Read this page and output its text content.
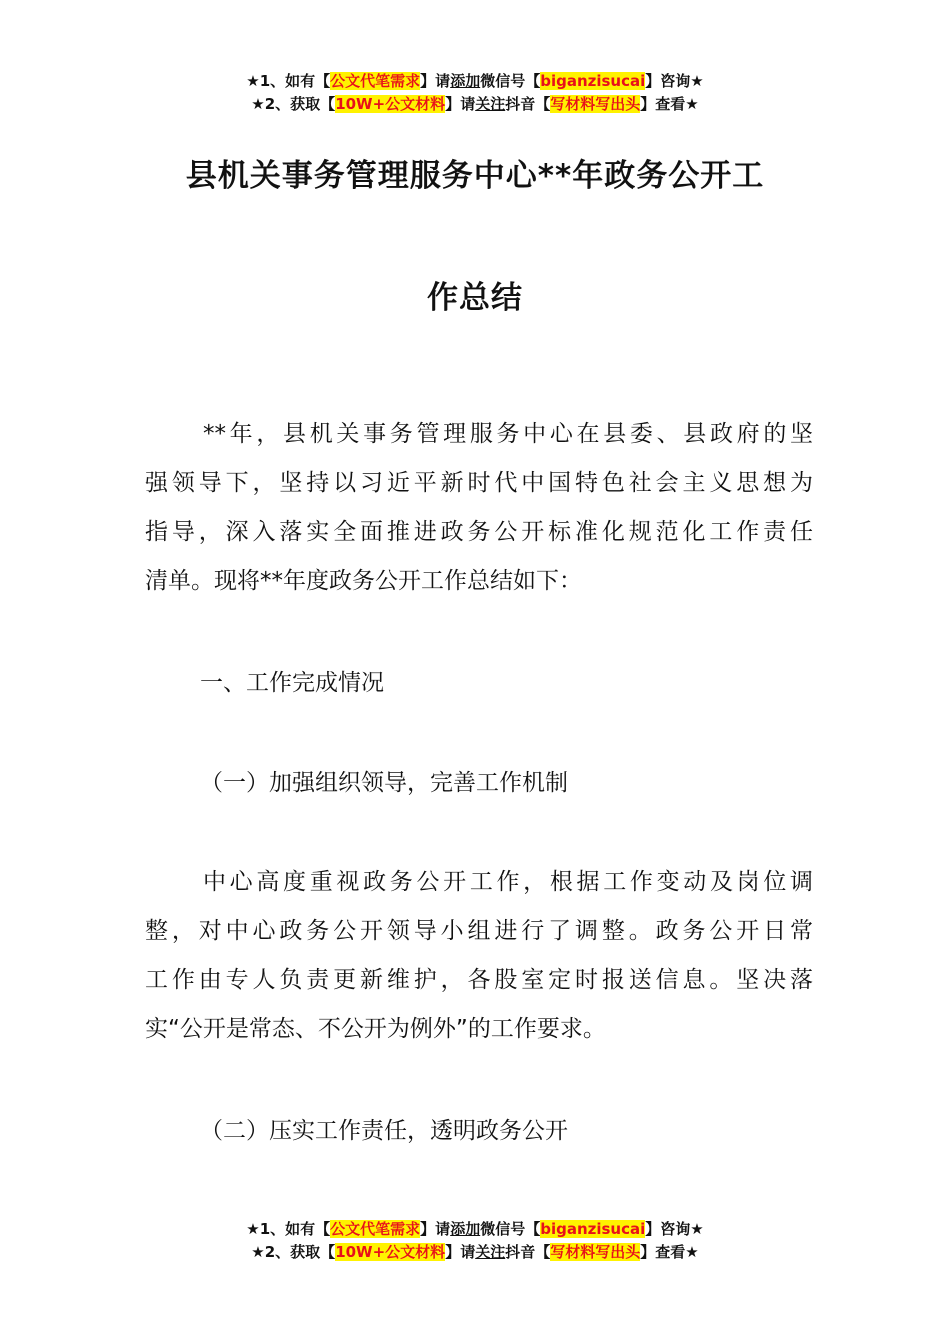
★1、如有【公文代笔需求】请添加微信号【biganzisucai】咨询★
★2、获取【10W+公文材料】请关注抖音【写材料写出头】查看★
县机关事务管理服务中心**年政务公开工
作总结
**年，县机关事务管理服务中心在县委、县政府的坚
强领导下，坚持以习近平新时代中国特色社会主义思想为
指导，深入落实全面推进政务公开标准化规范化工作责任
清单。现将**年度政务公开工作总结如下：
一、工作完成情况
（一）加强组织领导，完善工作机制
中心高度重视政务公开工作，根据工作变动及岗位调
整，对中心政务公开领导小组进行了调整。政务公开日常
工作由专人负责更新维护，各股室定时报送信息。坚决落
实“公开是常态、不公开为例外”的工作要求。
（二）压实工作责任，透明政务公开
★1、如有【公文代笔需求】请添加微信号【biganzisucai】咨询★
★2、获取【10W+公文材料】请关注抖音【写材料写出头】查看★
